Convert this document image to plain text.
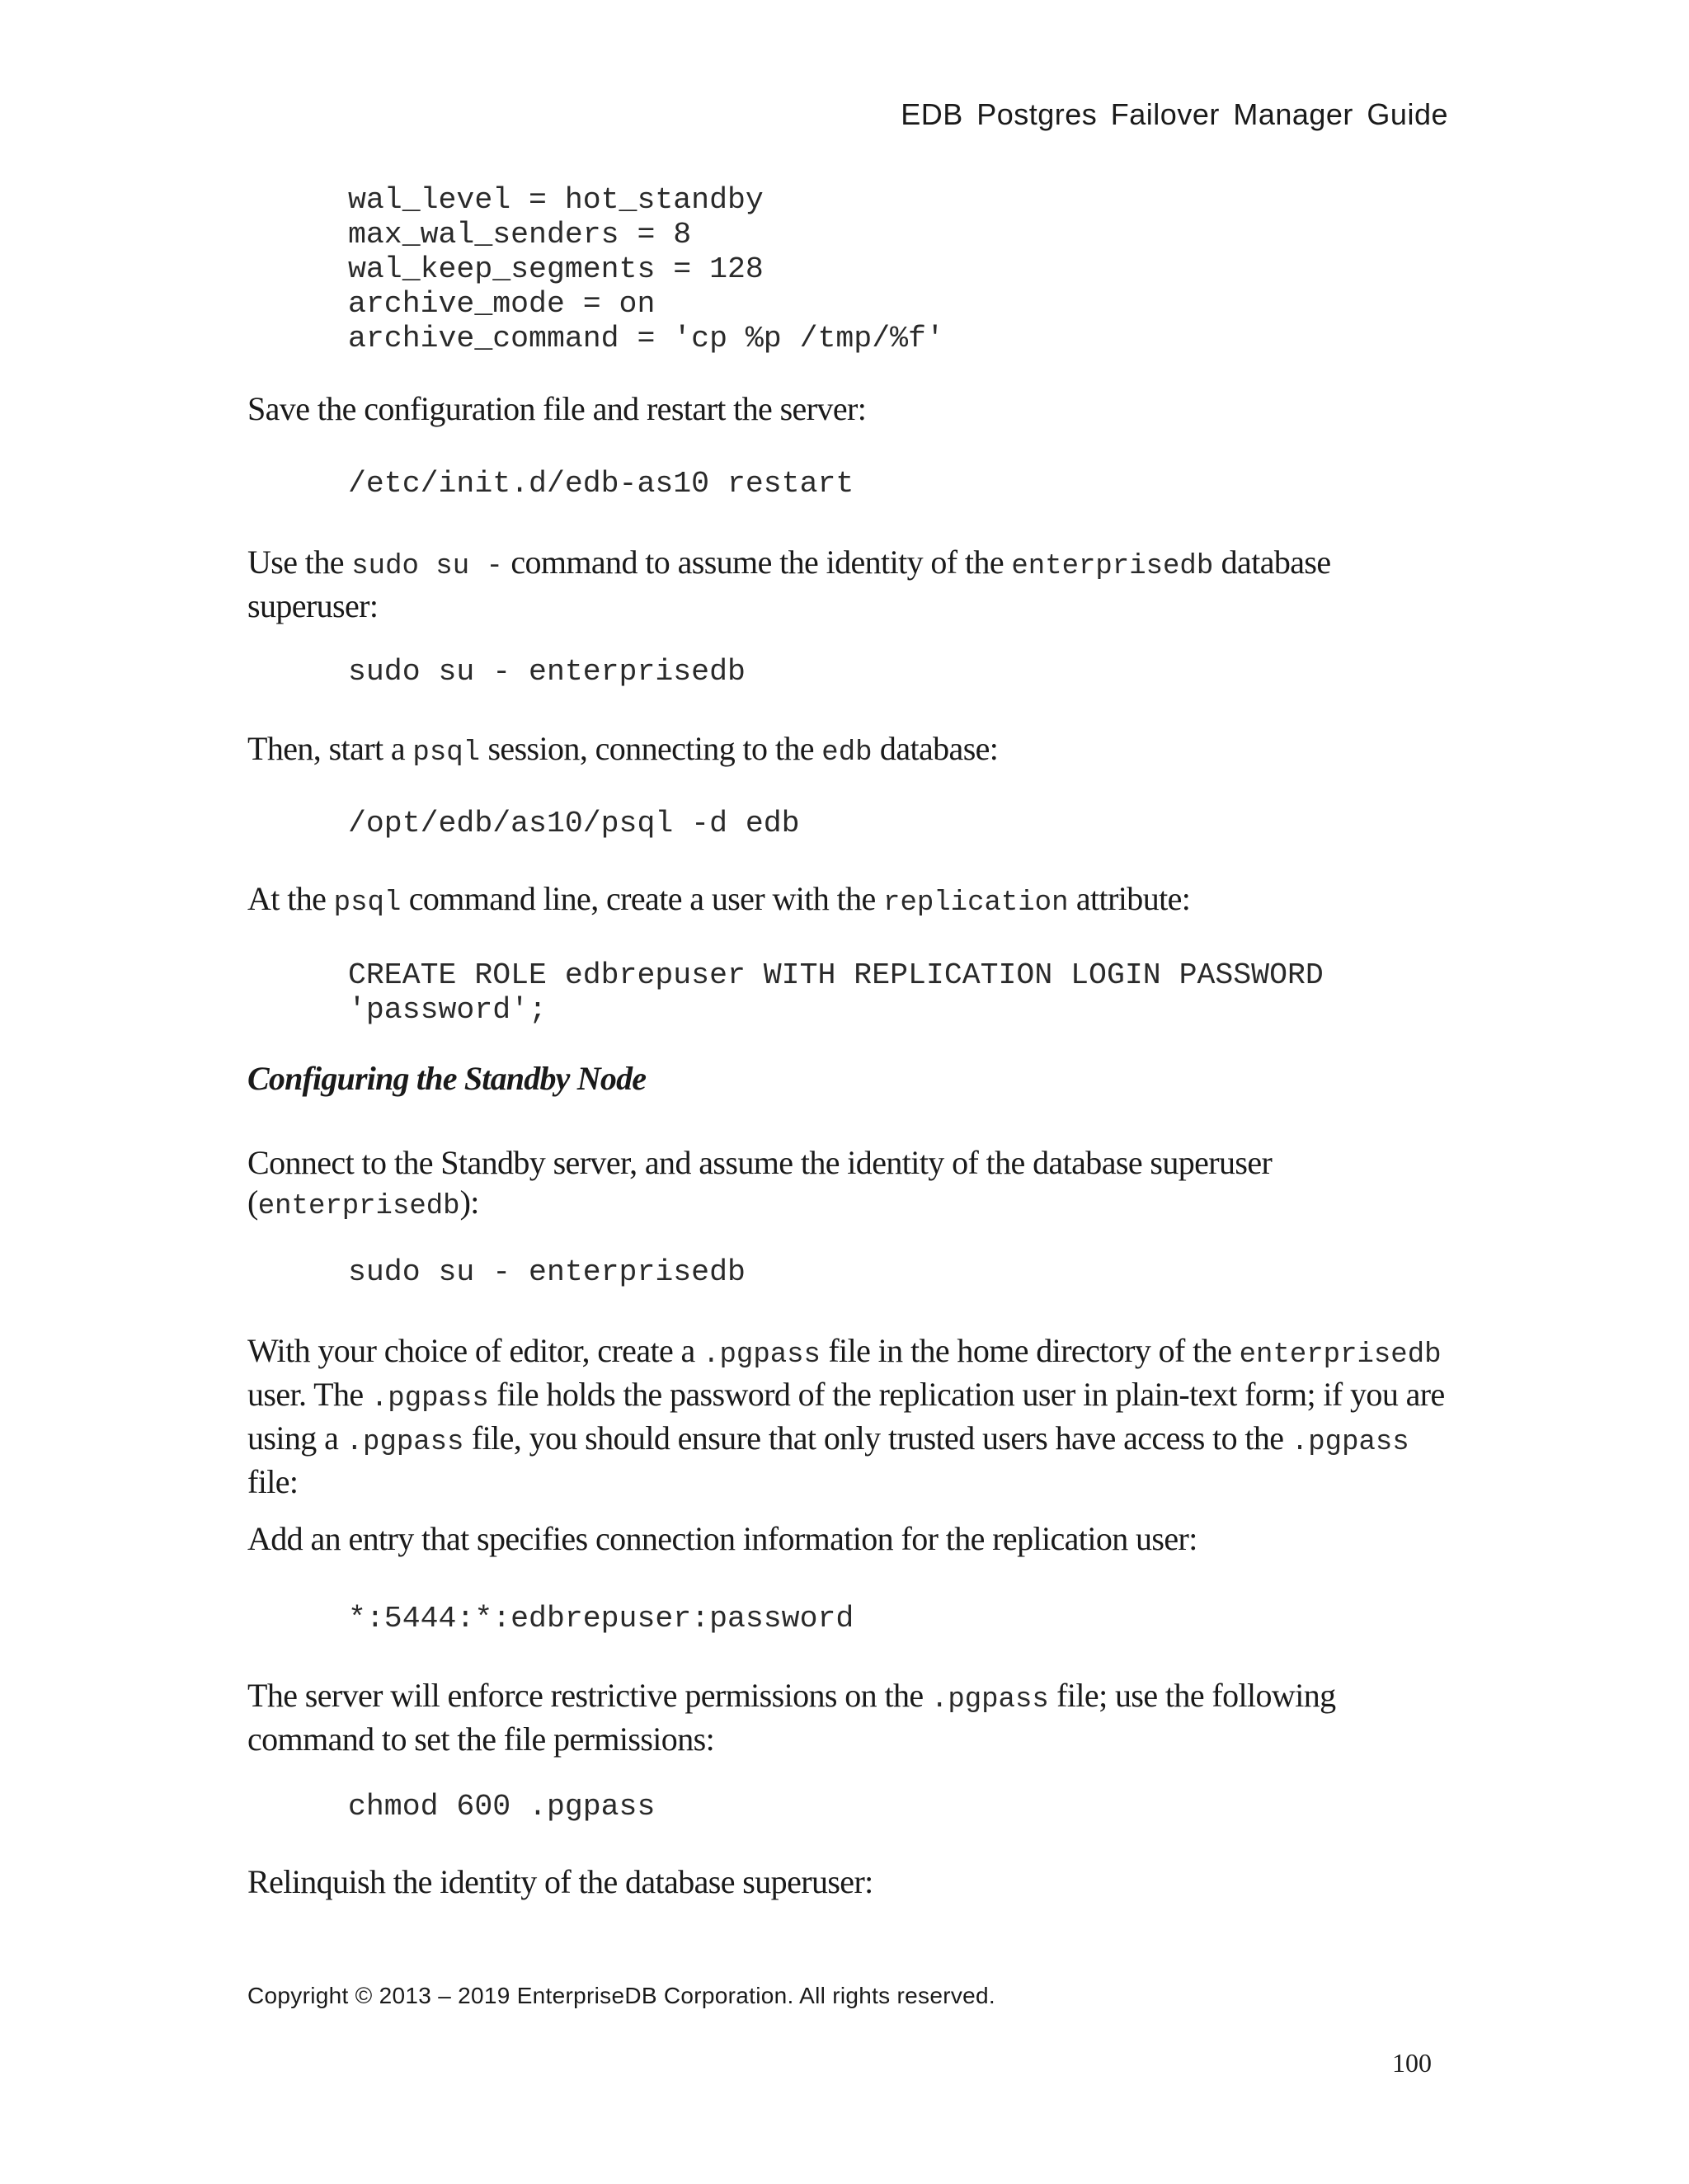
EDB Postgres Failover Manager Guide
wal_level = hot_standby
max_wal_senders = 8
wal_keep_segments = 128
archive_mode = on
archive_command = 'cp %p /tmp/%f'
Save the configuration file and restart the server:
/etc/init.d/edb-as10 restart
Use the sudo su - command to assume the identity of the enterprisedb database superuser:
sudo su - enterprisedb
Then, start a psql session, connecting to the edb database:
/opt/edb/as10/psql -d edb
At the psql command line, create a user with the replication attribute:
CREATE ROLE edbrepuser WITH REPLICATION LOGIN PASSWORD
'password';
Configuring the Standby Node
Connect to the Standby server, and assume the identity of the database superuser (enterprisedb):
sudo su - enterprisedb
With your choice of editor, create a .pgpass file in the home directory of the enterprisedb user. The .pgpass file holds the password of the replication user in plain-text form; if you are using a .pgpass file, you should ensure that only trusted users have access to the .pgpass file:
Add an entry that specifies connection information for the replication user:
*:5444:*:edbrepuser:password
The server will enforce restrictive permissions on the .pgpass file; use the following command to set the file permissions:
chmod 600 .pgpass
Relinquish the identity of the database superuser:
Copyright © 2013 – 2019 EnterpriseDB Corporation. All rights reserved.
100
